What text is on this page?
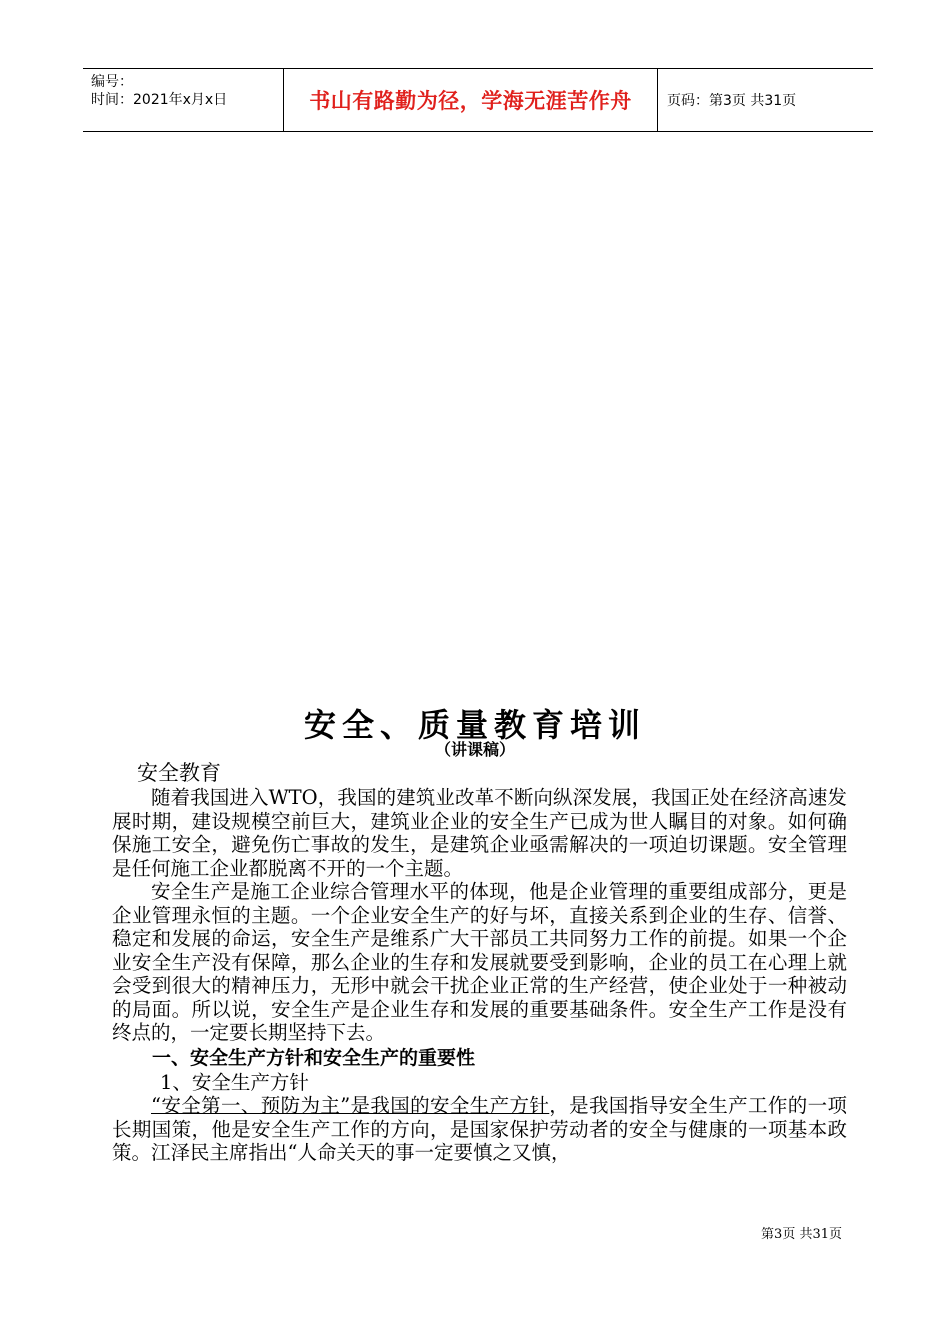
编号：
时间：2021年x月x日	书山有路勤为径，学海无涯苦作舟	页码：第3页 共31页
安全、质量教育培训
（讲课稿）
安全教育

随着我国进入WTO，我国的建筑业改革不断向纵深发展，我国正处在经济高速发展时期，建设规模空前巨大，建筑业企业的安全生产已成为世人瞩目的对象。如何确保施工安全，避免伤亡事故的发生，是建筑企业亟需解决的一项迫切课题。安全管理是任何施工企业都脱离不开的一个主题。

安全生产是施工企业综合管理水平的体现，他是企业管理的重要组成部分，更是企业管理永恒的主题。一个企业安全生产的好与坏，直接关系到企业的生存、信誉、稳定和发展的命运，安全生产是维系广大干部员工共同努力工作的前提。如果一个企业安全生产没有保障，那么企业的生存和发展就要受到影响，企业的员工在心理上就会受到很大的精神压力，无形中就会干扰企业正常的生产经营，使企业处于一种被动的局面。所以说，安全生产是企业生存和发展的重要基础条件。安全生产工作是没有终点的，一定要长期坚持下去。

一、安全生产方针和安全生产的重要性
1、安全生产方针

“安全第一、预防为主”是我国的安全生产方针，是我国指导安全生产工作的一项长期国策，他是安全生产工作的方向，是国家保护劳动者的安全与健康的一项基本政策。江泽民主席指出“人命关天的事一定要慎之又慎，

第3页 共31页
